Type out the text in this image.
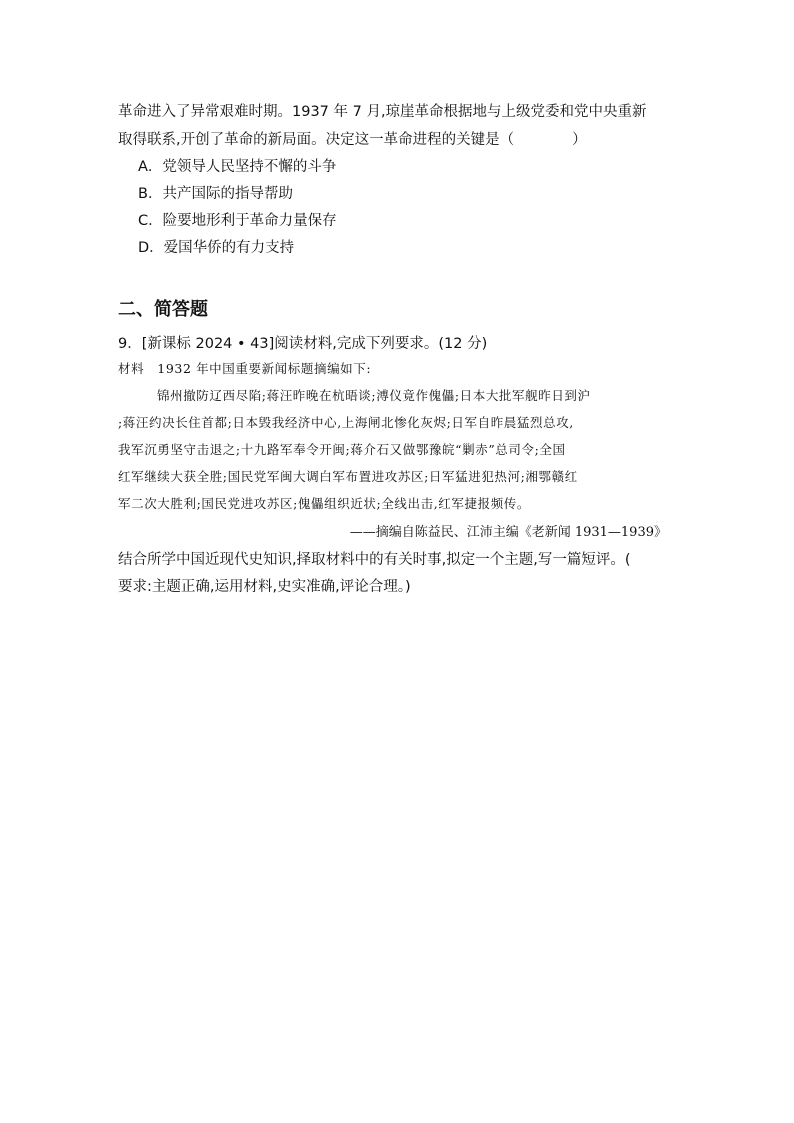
革命进入了异常艰难时期。1937 年 7 月,琼崖革命根据地与上级党委和党中央重新
取得联系,开创了革命的新局面。决定这一革命进程的关键是（　　　　）
A．党领导人民坚持不懈的斗争
B．共产国际的指导帮助
C．险要地形利于革命力量保存
D．爱国华侨的有力支持
二、简答题
9．[新课标 2024 • 43]阅读材料,完成下列要求。(12 分)
材料　1932 年中国重要新闻标题摘编如下:
锦州撤防辽西尽陷;蒋汪昨晚在杭晤谈;溥仪竟作傀儡;日本大批军舰昨日到沪
;蒋汪约决长住首都;日本毁我经济中心,上海闸北惨化灰烬;日军自昨晨猛烈总攻,
我军沉勇坚守击退之;十九路军奉令开闽;蒋介石又做鄂豫皖“剿赤”总司令;全国
红军继续大获全胜;国民党军闽大调白军布置进攻苏区;日军猛进犯热河;湘鄂赣红
军二次大胜利;国民党进攻苏区;傀儡组织近状;全线出击,红军捷报频传。
——摘编自陈益民、江沛主编《老新闻 1931—1939》
结合所学中国近现代史知识,择取材料中的有关时事,拟定一个主题,写一篇短评。(
要求:主题正确,运用材料,史实准确,评论合理。)
